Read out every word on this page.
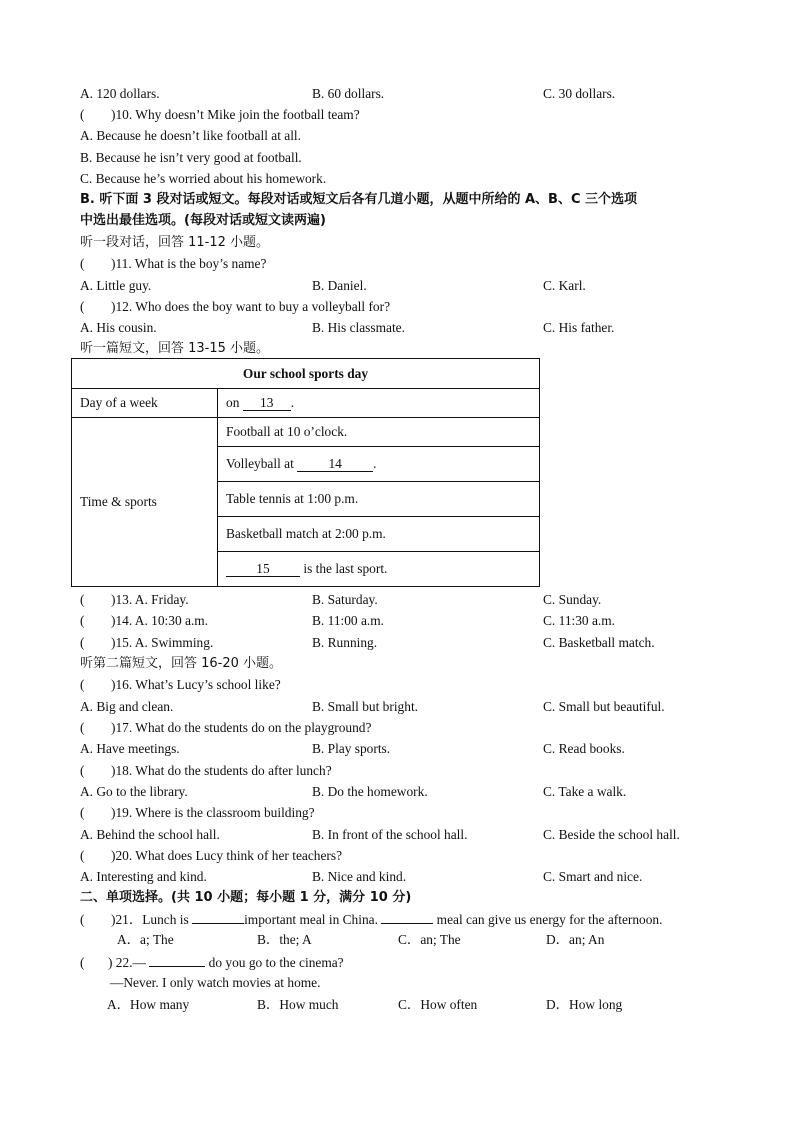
A. 120 dollars.	B. 60 dollars.	C. 30 dollars.
( )10. Why doesn’t Mike join the football team?
A. Because he doesn’t like football at all.
B. Because he isn’t very good at football.
C. Because he’s worried about his homework.
B. 听下面 3 段对话或短文。每段对话或短文后各有几道小题，从题中所给的 A、B、C 三个选项
中选出最佳选项。(每段对话或短文读两遍)
听一段对话，回答 11-12 小题。
( )11. What is the boy’s name?
A. Little guy.	B. Daniel.	C. Karl.
( )12. Who does the boy want to buy a volleyball for?
A. His cousin.	B. His classmate.	C. His father.
听一篇短文，回答 13-15 小题。
Our school sports day	
Day of a week	on 13 .
Time & sports	Football at 10 o’clock.
	Volleyball at 14 .
	Table tennis at 1:00 p.m.
	Basketball match at 2:00 p.m.
	15 is the last sport.
( )13. A. Friday.	B. Saturday.	C. Sunday.
( )14. A. 10:30 a.m.	B. 11:00 a.m.	C. 11:30 a.m.
( )15. A. Swimming.	B. Running.	C. Basketball match.
听第二篇短文，回答 16-20 小题。
( )16. What’s Lucy’s school like?
A. Big and clean.	B. Small but bright.	C. Small but beautiful.
( )17. What do the students do on the playground?
A. Have meetings.	B. Play sports.	C. Read books.
( )18. What do the students do after lunch?
A. Go to the library.	B. Do the homework.	C. Take a walk.
( )19. Where is the classroom building?
A. Behind the school hall.	B. In front of the school hall.	C. Beside the school hall.
( )20. What does Lucy think of her teachers?
A. Interesting and kind.	B. Nice and kind.	C. Smart and nice.
二、单项选择。(共 10 小题；每小题 1 分，满分 10 分)
( )21．Lunch is	important meal in China.	meal can give us energy for the afternoon.
A．a; The	B．the; A	C．an; The	D．an; An
( ) 22.—	do you go to the cinema?
—Never. I only watch movies at home.
A．How many	B．How much	C．How often	D．How long
